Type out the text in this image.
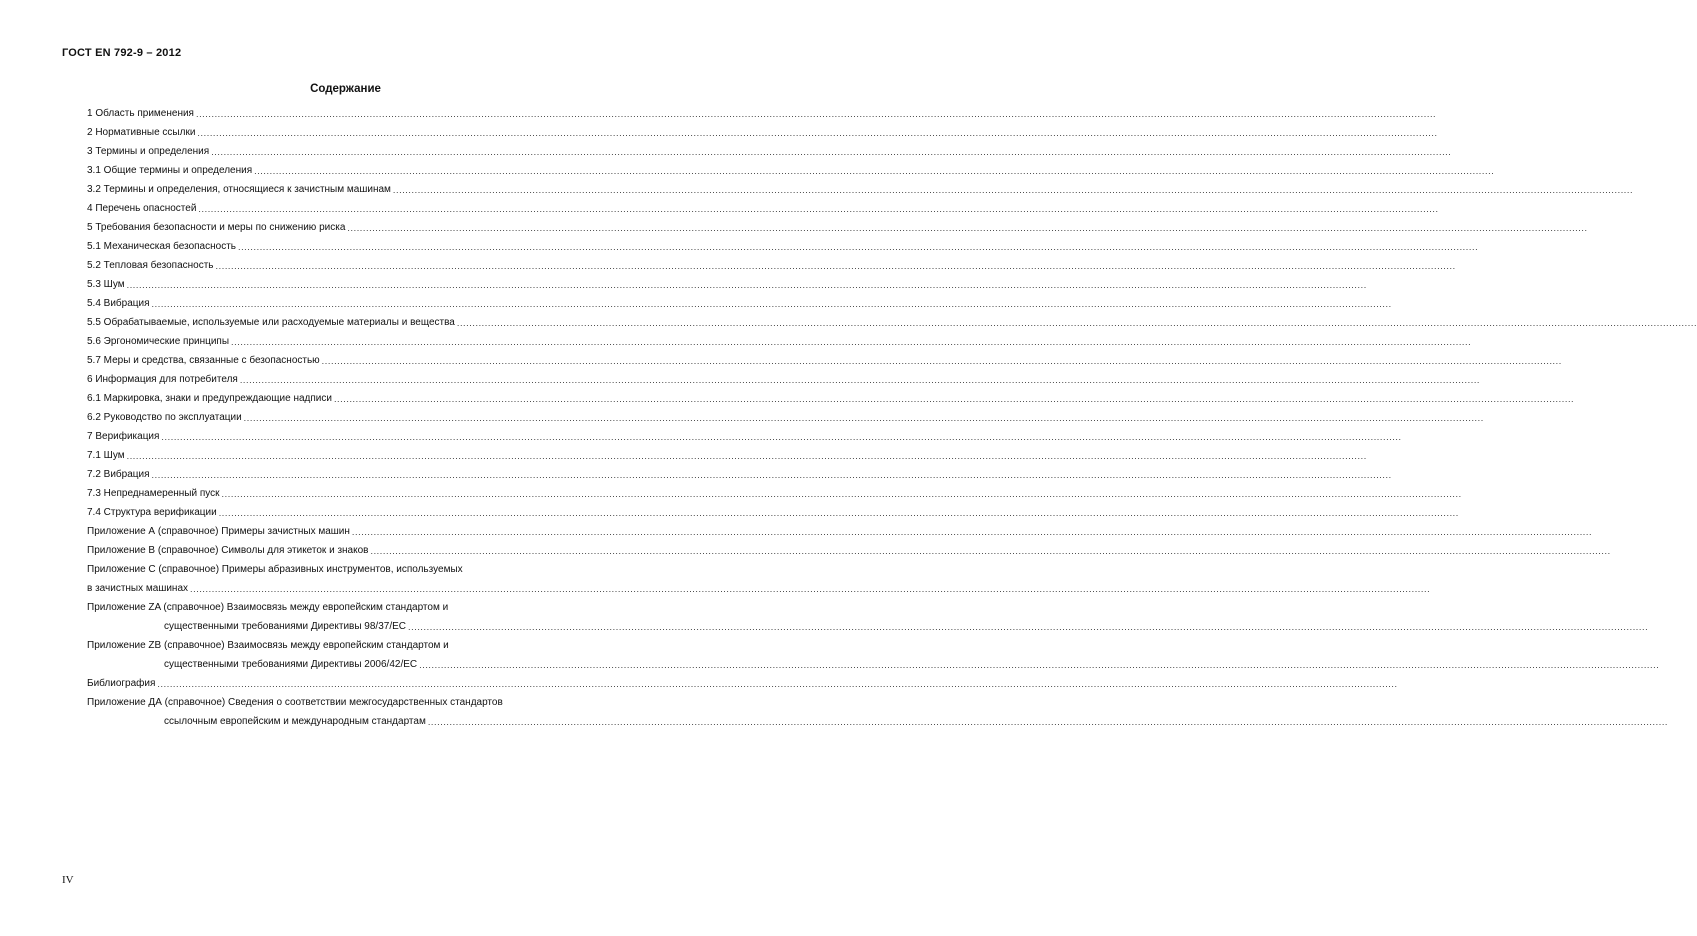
ГОСТ EN 792-9 – 2012
Содержание
1 Область применения ................................................................................................................................................................................................................................................................................................................................................................................................................
2 Нормативные ссылки ................................................................................................................................................................................................................................................................................................................................................................................................................
3 Термины и определения ................................................................................................................................................................................................................................................................................................................................................................................................................
3.1 Общие термины и определения ................................................................................................................................................................................................................................................................................................................................................................................................................
3.2 Термины и определения, относящиеся к зачистным машинам ................................................................................................................................................................................................................................................................................................................................................................................................................
4 Перечень опасностей ................................................................................................................................................................................................................................................................................................................................................................................................................
5 Требования безопасности и меры по снижению риска ................................................................................................................................................................................................................................................................................................................................................................................................................
5.1 Механическая безопасность ................................................................................................................................................................................................................................................................................................................................................................................................................
5.2 Тепловая безопасность ................................................................................................................................................................................................................................................................................................................................................................................................................
5.3 Шум ................................................................................................................................................................................................................................................................................................................................................................................................................
5.4 Вибрация ................................................................................................................................................................................................................................................................................................................................................................................................................
5.5 Обрабатываемые, используемые или расходуемые материалы и вещества ................................................................................................................................................................................................................................................................................................................................................................................................................
5.6 Эргономические принципы ................................................................................................................................................................................................................................................................................................................................................................................................................
5.7 Меры и средства, связанные с безопасностью ................................................................................................................................................................................................................................................................................................................................................................................................................
6 Информация для потребителя ................................................................................................................................................................................................................................................................................................................................................................................................................
6.1 Маркировка, знаки и предупреждающие надписи ................................................................................................................................................................................................................................................................................................................................................................................................................
6.2 Руководство по эксплуатации ................................................................................................................................................................................................................................................................................................................................................................................................................
7 Верификация ................................................................................................................................................................................................................................................................................................................................................................................................................
7.1 Шум ................................................................................................................................................................................................................................................................................................................................................................................................................
7.2 Вибрация ................................................................................................................................................................................................................................................................................................................................................................................................................
7.3 Непреднамеренный пуск ................................................................................................................................................................................................................................................................................................................................................................................................................
7.4 Структура верификации ................................................................................................................................................................................................................................................................................................................................................................................................................
Приложение А (справочное) Примеры зачистных машин ................................................................................................................................................................................................................................................................................................................................................................................................................
Приложение В (справочное) Символы для этикеток и знаков ................................................................................................................................................................................................................................................................................................................................................................................................................
Приложение С (справочное) Примеры абразивных инструментов, используемых
в зачистных машинах ................................................................................................................................................................................................................................................................................................................................................................................................................
Приложение ZA (справочное) Взаимосвязь между европейским стандартом и
существенными требованиями Директивы 98/37/ЕС ................................................................................................................................................................................................................................................................................................................................................................................................................
Приложение ZB (справочное) Взаимосвязь между европейским стандартом и
существенными требованиями Директивы 2006/42/ЕС ................................................................................................................................................................................................................................................................................................................................................................................................................
Библиография ................................................................................................................................................................................................................................................................................................................................................................................................................
Приложение ДА (справочное) Сведения о соответствии межгосударственных стандартов
ссылочным европейским и международным стандартам ................................................................................................................................................................................................................................................................................................................................................................................................................
IV
